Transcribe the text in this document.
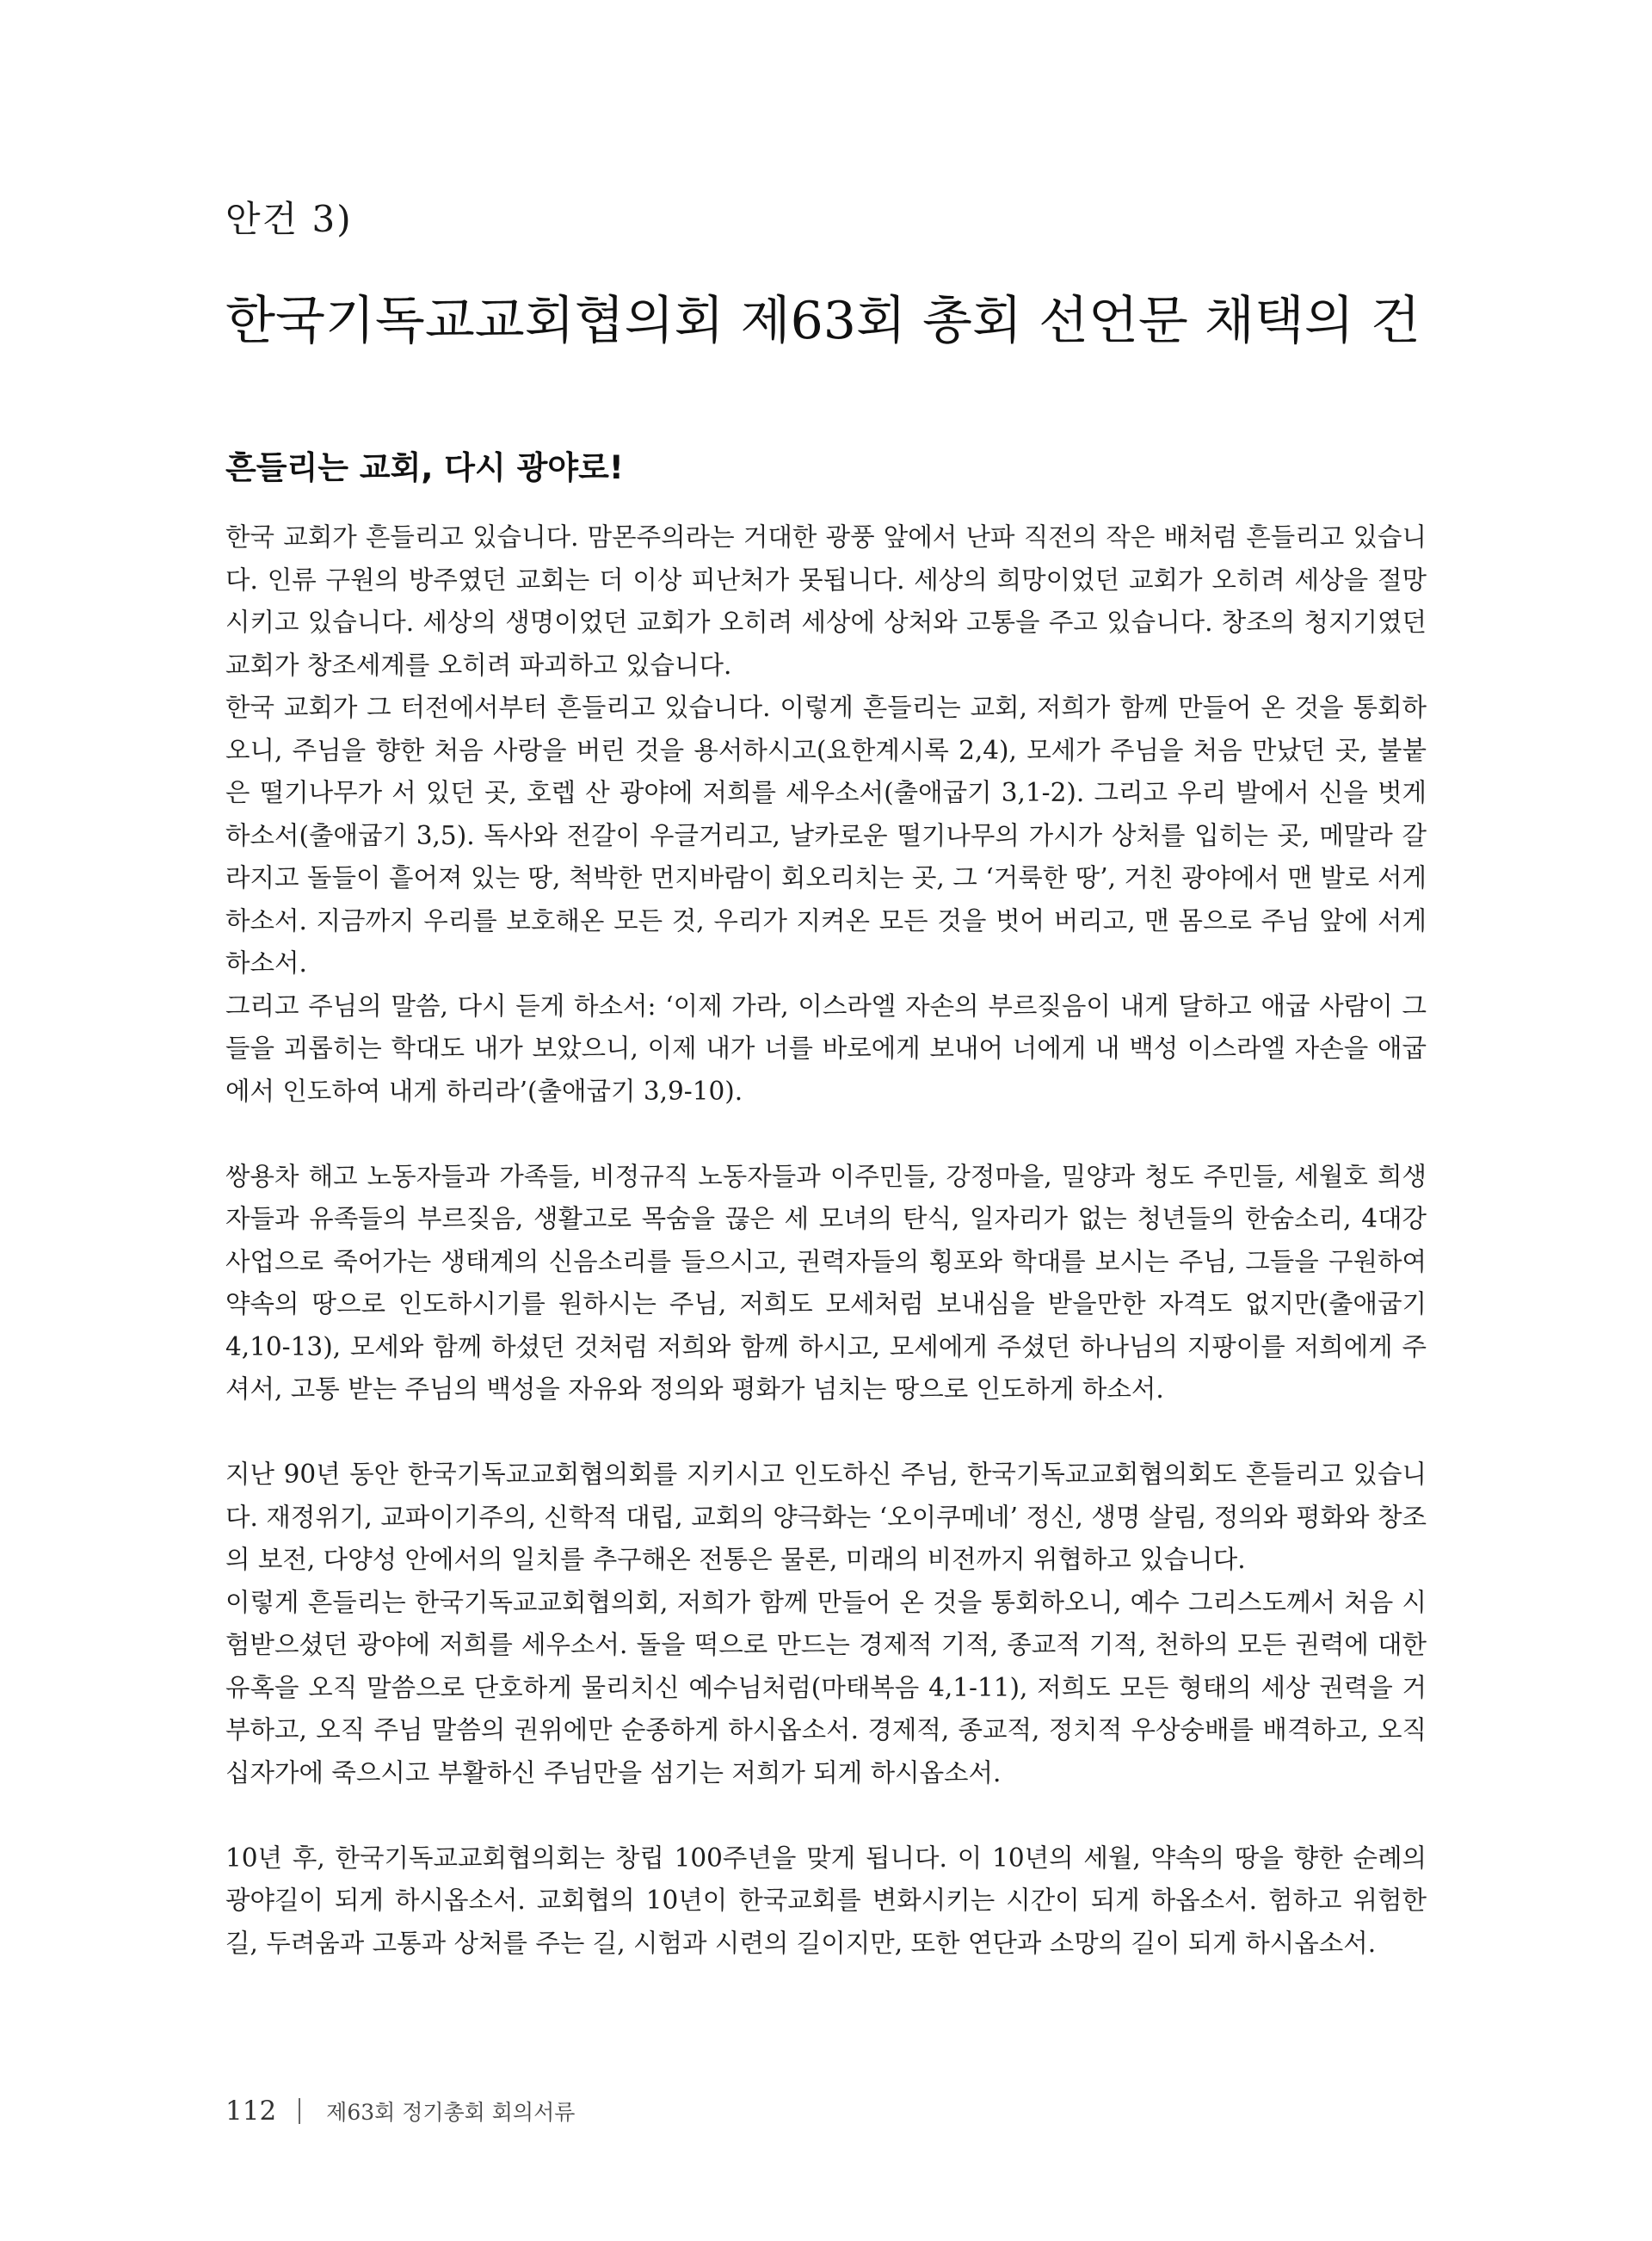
안건 3)
한국기독교교회협의회 제63회 총회 선언문 채택의 건
흔들리는 교회, 다시 광야로!

한국 교회가 흔들리고 있습니다. 맘몬주의라는 거대한 광풍 앞에서 난파 직전의 작은 배처럼 흔들리고 있습니다. 인류 구원의 방주였던 교회는 더 이상 피난처가 못됩니다. 세상의 희망이었던 교회가 오히려 세상을 절망시키고 있습니다. 세상의 생명이었던 교회가 오히려 세상에 상처와 고통을 주고 있습니다. 창조의 청지기였던 교회가 창조세계를 오히려 파괴하고 있습니다.

한국 교회가 그 터전에서부터 흔들리고 있습니다. 이렇게 흔들리는 교회, 저희가 함께 만들어 온 것을 통회하오니, 주님을 향한 처음 사랑을 버린 것을 용서하시고(요한계시록 2,4), 모세가 주님을 처음 만났던 곳, 불붙은 떨기나무가 서 있던 곳, 호렙 산 광야에 저희를 세우소서(출애굽기 3,1-2). 그리고 우리 발에서 신을 벗게 하소서(출애굽기 3,5). 독사와 전갈이 우글거리고, 날카로운 떨기나무의 가시가 상처를 입히는 곳, 메말라 갈라지고 돌들이 흩어져 있는 땅, 척박한 먼지바람이 회오리치는 곳, 그 ‘거룩한 땅’, 거친 광야에서 맨 발로 서게 하소서. 지금까지 우리를 보호해온 모든 것, 우리가 지켜온 모든 것을 벗어 버리고, 맨 몸으로 주님 앞에 서게 하소서.

그리고 주님의 말씀, 다시 듣게 하소서: ‘이제 가라, 이스라엘 자손의 부르짖음이 내게 달하고 애굽 사람이 그들을 괴롭히는 학대도 내가 보았으니, 이제 내가 너를 바로에게 보내어 너에게 내 백성 이스라엘 자손을 애굽에서 인도하여 내게 하리라’(출애굽기 3,9-10).

쌍용차 해고 노동자들과 가족들, 비정규직 노동자들과 이주민들, 강정마을, 밀양과 청도 주민들, 세월호 희생자들과 유족들의 부르짖음, 생활고로 목숨을 끊은 세 모녀의 탄식, 일자리가 없는 청년들의 한숨소리, 4대강 사업으로 죽어가는 생태계의 신음소리를 들으시고, 권력자들의 횡포와 학대를 보시는 주님, 그들을 구원하여 약속의 땅으로 인도하시기를 원하시는 주님, 저희도 모세처럼 보내심을 받을만한 자격도 없지만(출애굽기 4,10-13), 모세와 함께 하셨던 것처럼 저희와 함께 하시고, 모세에게 주셨던 하나님의 지팡이를 저희에게 주셔서, 고통 받는 주님의 백성을 자유와 정의와 평화가 넘치는 땅으로 인도하게 하소서.

지난 90년 동안 한국기독교교회협의회를 지키시고 인도하신 주님, 한국기독교교회협의회도 흔들리고 있습니다. 재정위기, 교파이기주의, 신학적 대립, 교회의 양극화는 ‘오이쿠메네’ 정신, 생명 살림, 정의와 평화와 창조의 보전, 다양성 안에서의 일치를 추구해온 전통은 물론, 미래의 비전까지 위협하고 있습니다.

이렇게 흔들리는 한국기독교교회협의회, 저희가 함께 만들어 온 것을 통회하오니, 예수 그리스도께서 처음 시험받으셨던 광야에 저희를 세우소서. 돌을 떡으로 만드는 경제적 기적, 종교적 기적, 천하의 모든 권력에 대한 유혹을 오직 말씀으로 단호하게 물리치신 예수님처럼(마태복음 4,1-11), 저희도 모든 형태의 세상 권력을 거부하고, 오직 주님 말씀의 권위에만 순종하게 하시옵소서. 경제적, 종교적, 정치적 우상숭배를 배격하고, 오직 십자가에 죽으시고 부활하신 주님만을 섬기는 저희가 되게 하시옵소서.

10년 후, 한국기독교교회협의회는 창립 100주년을 맞게 됩니다. 이 10년의 세월, 약속의 땅을 향한 순례의 광야길이 되게 하시옵소서. 교회협의 10년이 한국교회를 변화시키는 시간이 되게 하옵소서. 험하고 위험한 길, 두려움과 고통과 상처를 주는 길, 시험과 시련의 길이지만, 또한 연단과 소망의 길이 되게 하시옵소서.

112 제63회 정기총회 회의서류
